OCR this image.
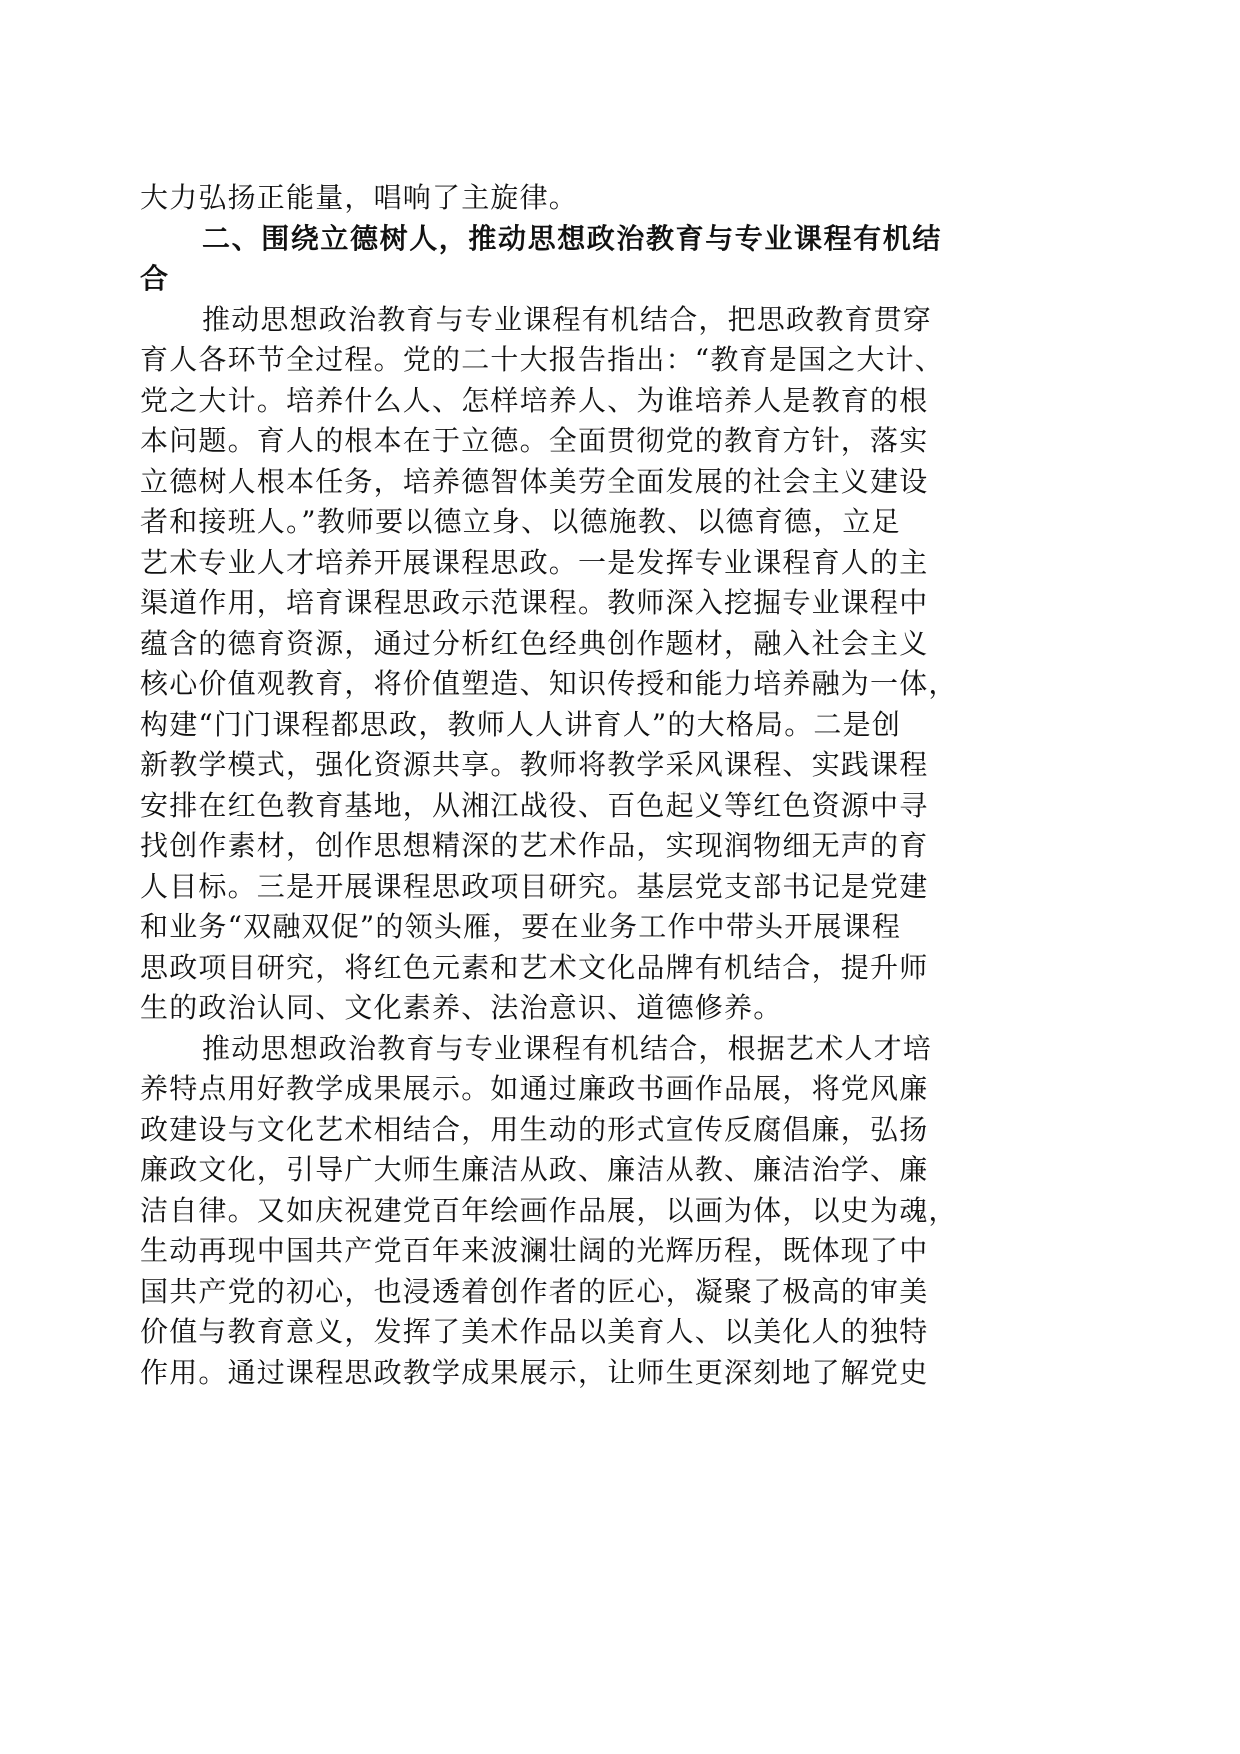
大力弘扬正能量，唱响了主旋律。
二、围绕立德树人，推动思想政治教育与专业课程有机结
合
推动思想政治教育与专业课程有机结合，把思政教育贯穿
育人各环节全过程。党的二十大报告指出：“教育是国之大计、
党之大计。培养什么人、怎样培养人、为谁培养人是教育的根
本问题。育人的根本在于立德。全面贯彻党的教育方针，落实
立德树人根本任务，培养德智体美劳全面发展的社会主义建设
者和接班人。”教师要以德立身、以德施教、以德育德，立足
艺术专业人才培养开展课程思政。一是发挥专业课程育人的主
渠道作用，培育课程思政示范课程。教师深入挖掘专业课程中
蕴含的德育资源，通过分析红色经典创作题材，融入社会主义
核心价值观教育，将价值塑造、知识传授和能力培养融为一体，
构建“门门课程都思政，教师人人讲育人”的大格局。二是创
新教学模式，强化资源共享。教师将教学采风课程、实践课程
安排在红色教育基地，从湘江战役、百色起义等红色资源中寻
找创作素材，创作思想精深的艺术作品，实现润物细无声的育
人目标。三是开展课程思政项目研究。基层党支部书记是党建
和业务“双融双促”的领头雁，要在业务工作中带头开展课程
思政项目研究，将红色元素和艺术文化品牌有机结合，提升师
生的政治认同、文化素养、法治意识、道德修养。
推动思想政治教育与专业课程有机结合，根据艺术人才培
养特点用好教学成果展示。如通过廉政书画作品展，将党风廉
政建设与文化艺术相结合，用生动的形式宣传反腐倡廉，弘扬
廉政文化，引导广大师生廉洁从政、廉洁从教、廉洁治学、廉
洁自律。又如庆祝建党百年绘画作品展，以画为体，以史为魂，
生动再现中国共产党百年来波澜壮阔的光辉历程，既体现了中
国共产党的初心，也浸透着创作者的匠心，凝聚了极高的审美
价值与教育意义，发挥了美术作品以美育人、以美化人的独特
作用。通过课程思政教学成果展示，让师生更深刻地了解党史
